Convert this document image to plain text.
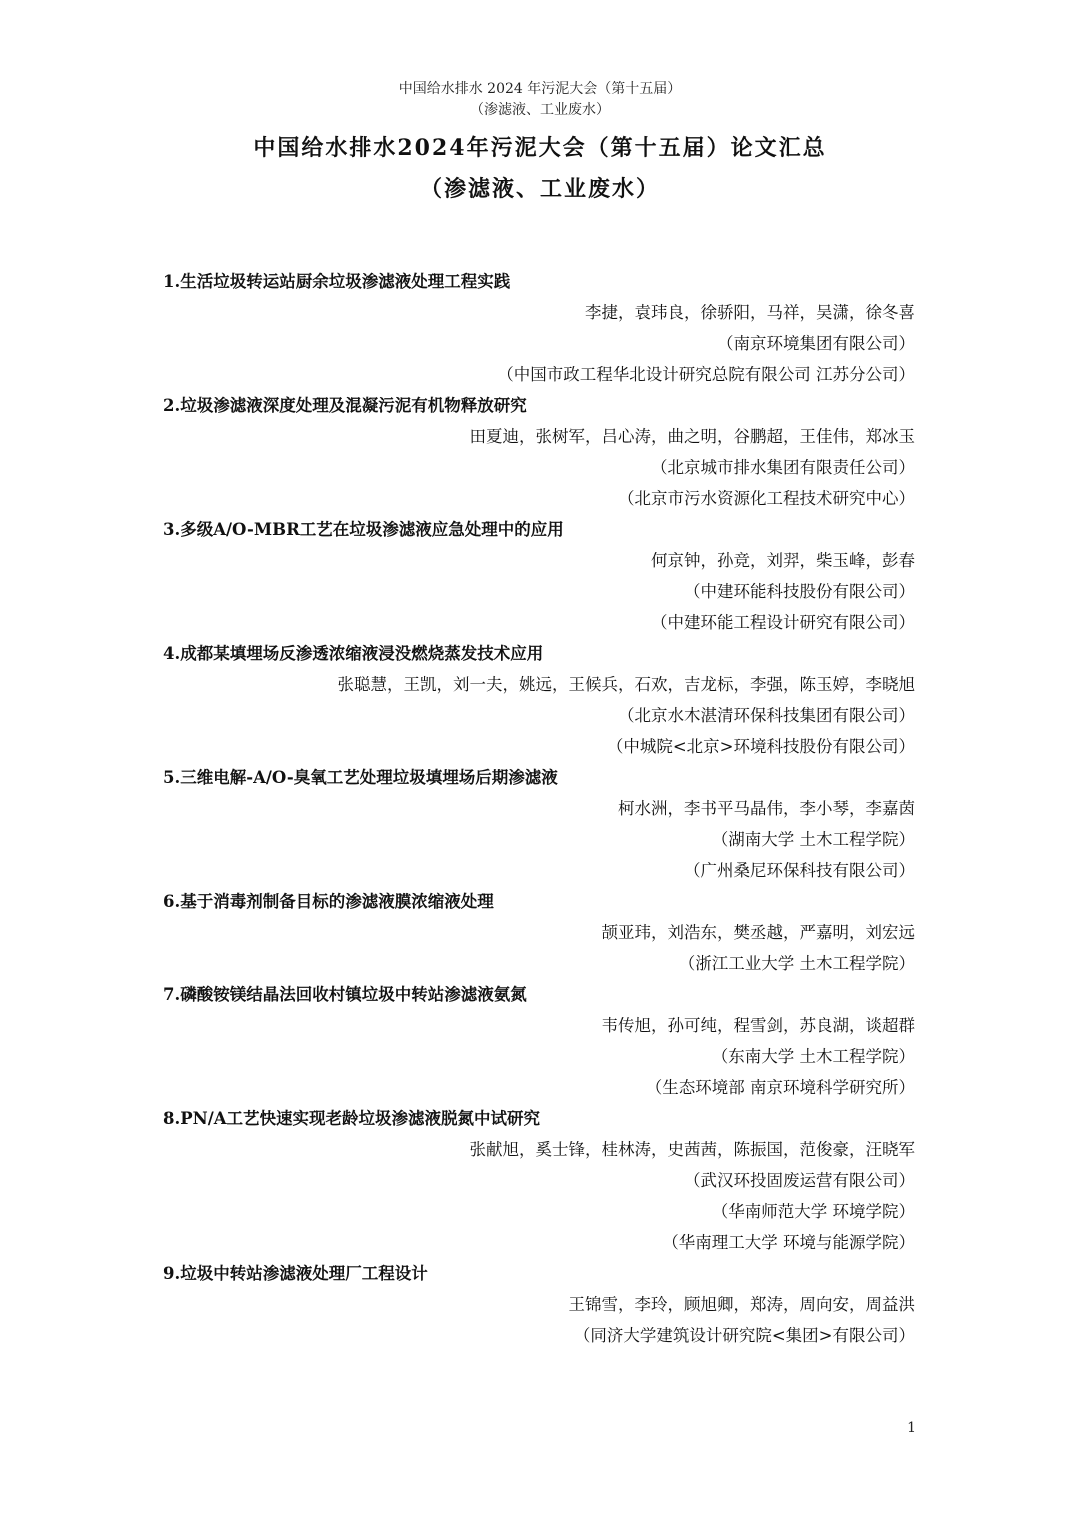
中国给水排水 2024 年污泥大会（第十五届）
（渗滤液、工业废水）
中国给水排水2024年污泥大会（第十五届）论文汇总
（渗滤液、工业废水）
1.生活垃圾转运站厨余垃圾渗滤液处理工程实践
李捷，袁玮良，徐骄阳，马祥，吴潇，徐冬喜
（南京环境集团有限公司）
（中国市政工程华北设计研究总院有限公司 江苏分公司）
2.垃圾渗滤液深度处理及混凝污泥有机物释放研究
田夏迪，张树军，吕心涛，曲之明，谷鹏超，王佳伟，郑冰玉
（北京城市排水集团有限责任公司）
（北京市污水资源化工程技术研究中心）
3.多级A/O-MBR工艺在垃圾渗滤液应急处理中的应用
何京钟，孙竞，刘羿，柴玉峰，彭春
（中建环能科技股份有限公司）
（中建环能工程设计研究有限公司）
4.成都某填埋场反渗透浓缩液浸没燃烧蒸发技术应用
张聪慧，王凯，刘一夫，姚远，王候兵，石欢，吉龙标，李强，陈玉婷，李晓旭
（北京水木湛清环保科技集团有限公司）
（中城院<北京>环境科技股份有限公司）
5.三维电解-A/O-臭氧工艺处理垃圾填埋场后期渗滤液
柯水洲，李书平马晶伟，李小琴，李嘉茵
（湖南大学 土木工程学院）
（广州桑尼环保科技有限公司）
6.基于消毒剂制备目标的渗滤液膜浓缩液处理
颉亚玮，刘浩东，樊丞越，严嘉明，刘宏远
（浙江工业大学 土木工程学院）
7.磷酸铵镁结晶法回收村镇垃圾中转站渗滤液氨氮
韦传旭，孙可纯，程雪剑，苏良湖，谈超群
（东南大学 土木工程学院）
（生态环境部 南京环境科学研究所）
8.PN/A工艺快速实现老龄垃圾渗滤液脱氮中试研究
张献旭，奚士锋，桂林涛，史茜茜，陈振国，范俊豪，汪晓军
（武汉环投固废运营有限公司）
（华南师范大学 环境学院）
（华南理工大学 环境与能源学院）
9.垃圾中转站渗滤液处理厂工程设计
王锦雪，李玲，顾旭卿，郑涛，周向安，周益洪
（同济大学建筑设计研究院<集团>有限公司）
1
